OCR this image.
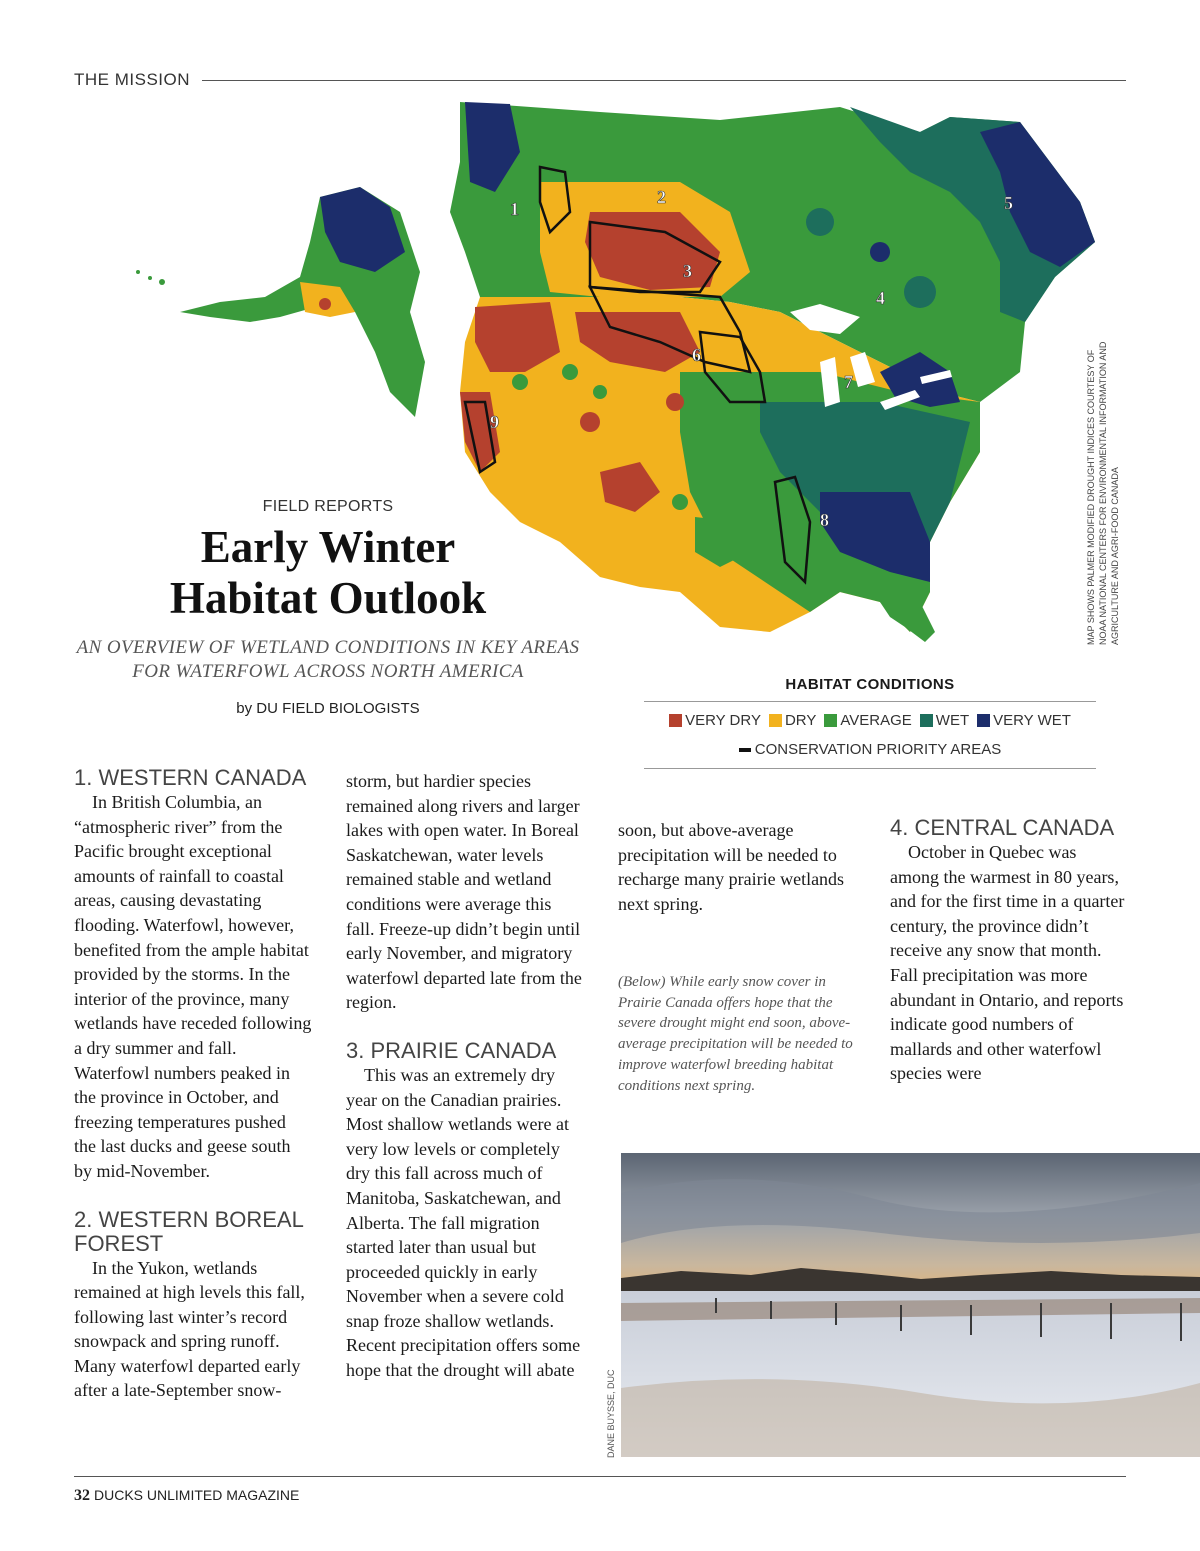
THE MISSION
1
2
3
4
5
6
7
8
9	MAP SHOWS PALMER MODIFIED DROUGHT INDICES COURTESY OF NOAA NATIONAL CENTERS FOR ENVIRONMENTAL INFORMATION AND AGRICULTURE AND AGRI-FOOD CANADA
FIELD REPORTS
Early Winter
Habitat Outlook
AN OVERVIEW OF WETLAND CONDITIONS IN KEY AREAS FOR WATERFOWL ACROSS NORTH AMERICA
by DU FIELD BIOLOGISTS
HABITAT CONDITIONS
VERY DRY DRY AVERAGE WET VERY WET
CONSERVATION PRIORITY AREAS
1. WESTERN CANADA

In British Columbia, an “atmospheric river” from the Pacific brought exceptional amounts of rainfall to coastal areas, causing devastating flooding. Waterfowl, however, benefited from the ample habitat provided by the storms. In the interior of the province, many wetlands have receded following a dry summer and fall. Waterfowl numbers peaked in the province in October, and freezing temperatures pushed the last ducks and geese south by mid-November.

2. WESTERN BOREAL
FOREST

In the Yukon, wetlands remained at high levels this fall, following last winter’s record snowpack and spring runoff. Many waterfowl departed early after a late-September snow-

storm, but hardier species remained along rivers and larger lakes with open water. In Boreal Saskatchewan, water levels remained stable and wetland conditions were average this fall. Freeze-up didn’t begin until early November, and migratory waterfowl departed late from the region.

3. PRAIRIE CANADA

This was an extremely dry year on the Canadian prairies. Most shallow wetlands were at very low levels or completely dry this fall across much of Manitoba, Saskatchewan, and Alberta. The fall migration started later than usual but proceeded quickly in early November when a severe cold snap froze shallow wetlands. Recent precipitation offers some hope that the drought will abate

soon, but above-average precipitation will be needed to recharge many prairie wetlands next spring.

(Below) While early snow cover in Prairie Canada offers hope that the severe drought might end soon, above-average precipitation will be needed to improve waterfowl breeding habitat conditions next spring.
4. CENTRAL CANADA

October in Quebec was among the warmest in 80 years, and for the first time in a quarter century, the province didn’t receive any snow that month. Fall precipitation was more abundant in Ontario, and reports indicate good numbers of mallards and other waterfowl species were

DANE BUYSSE, DUC
32 DUCKS UNLIMITED MAGAZINE
